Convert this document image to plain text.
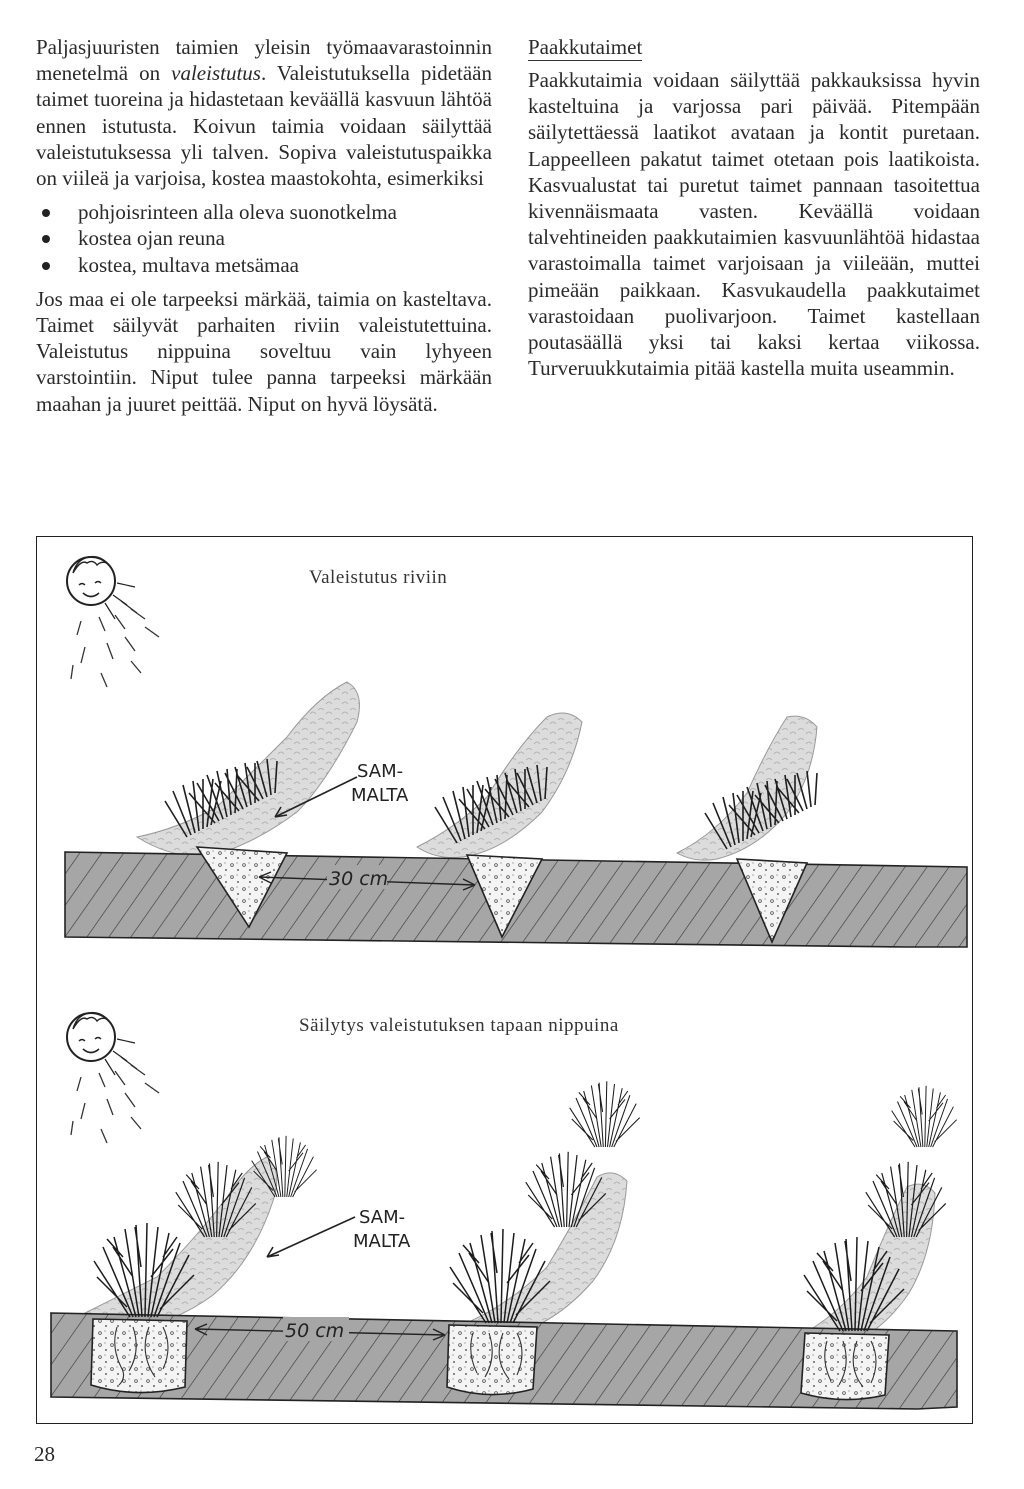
Paljasjuuristen taimien yleisin työmaavarastoinnin menetelmä on valeistutus. Valeistutuksella pidetään taimet tuoreina ja hidastetaan keväällä kasvuun lähtöä ennen istutusta. Koivun taimia voidaan säilyttää valeistutuksessa yli talven. Sopiva valeistutuspaikka on viileä ja varjoisa, kostea maastokohta, esimerkiksi

pohjoisrinteen alla oleva suonotkelma
kostea ojan reuna
kostea, multava metsämaa

Jos maa ei ole tarpeeksi märkää, taimia on kasteltava. Taimet säilyvät parhaiten riviin valeistutettuina. Valeistutus nippuina soveltuu vain lyhyeen varstointiin. Niput tulee panna tarpeeksi märkään maahan ja juuret peittää. Niput on hyvä löysätä.

Paakkutaimet

Paakkutaimia voidaan säilyttää pakkauksissa hyvin kasteltuina ja varjossa pari päivää. Pitempään säilytettäessä laatikot avataan ja kontit puretaan. Lappeelleen pakatut taimet otetaan pois laatikoista. Kasvualustat tai puretut taimet pannaan tasoitettua kivennäismaata vasten. Keväällä voidaan talvehtineiden paakkutaimien kasvuunlähtöä hidastaa varastoimalla taimet varjoisaan ja viileään, muttei pimeään paikkaan. Kasvukaudella paakkutaimet varastoidaan puolivarjoon. Taimet kastellaan poutasäällä yksi tai kaksi kertaa viikossa. Turveruukkutaimia pitää kastella muita useammin.

SAM-
MALTA
30 cm
SAM-
MALTA
50 cm
Valeistutus riviin
Säilytys valeistutuksen tapaan nippuina
28
